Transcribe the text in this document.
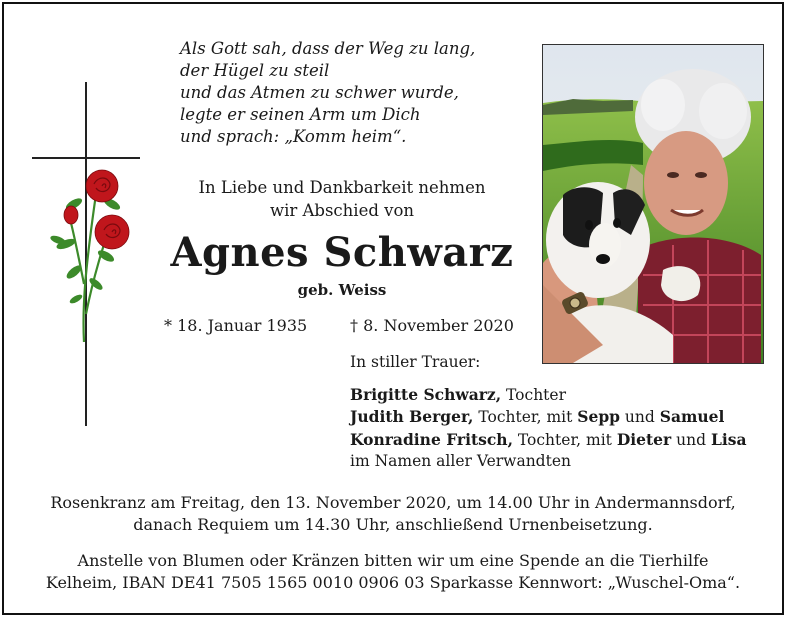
Als Gott sah, dass der Weg zu lang,
der Hügel zu steil
und das Atmen zu schwer wurde,
legte er seinen Arm um Dich
und sprach: „Komm heim“.
In Liebe und Dankbarkeit nehmen
wir Abschied von
Agnes Schwarz
geb. Weiss
* 18. Januar 1935	† 8. November 2020
In stiller Trauer:
Brigitte Schwarz, Tochter
Judith Berger, Tochter, mit Sepp und Samuel
Konradine Fritsch, Tochter, mit Dieter und Lisa
im Namen aller Verwandten
Rosenkranz am Freitag, den 13. November 2020, um 14.00 Uhr in Andermannsdorf,
danach Requiem um 14.30 Uhr, anschließend Urnenbeisetzung.
Anstelle von Blumen oder Kränzen bitten wir um eine Spende an die Tierhilfe
Kelheim, IBAN DE41 7505 1565 0010 0906 03 Sparkasse Kennwort: „Wuschel-Oma“.
